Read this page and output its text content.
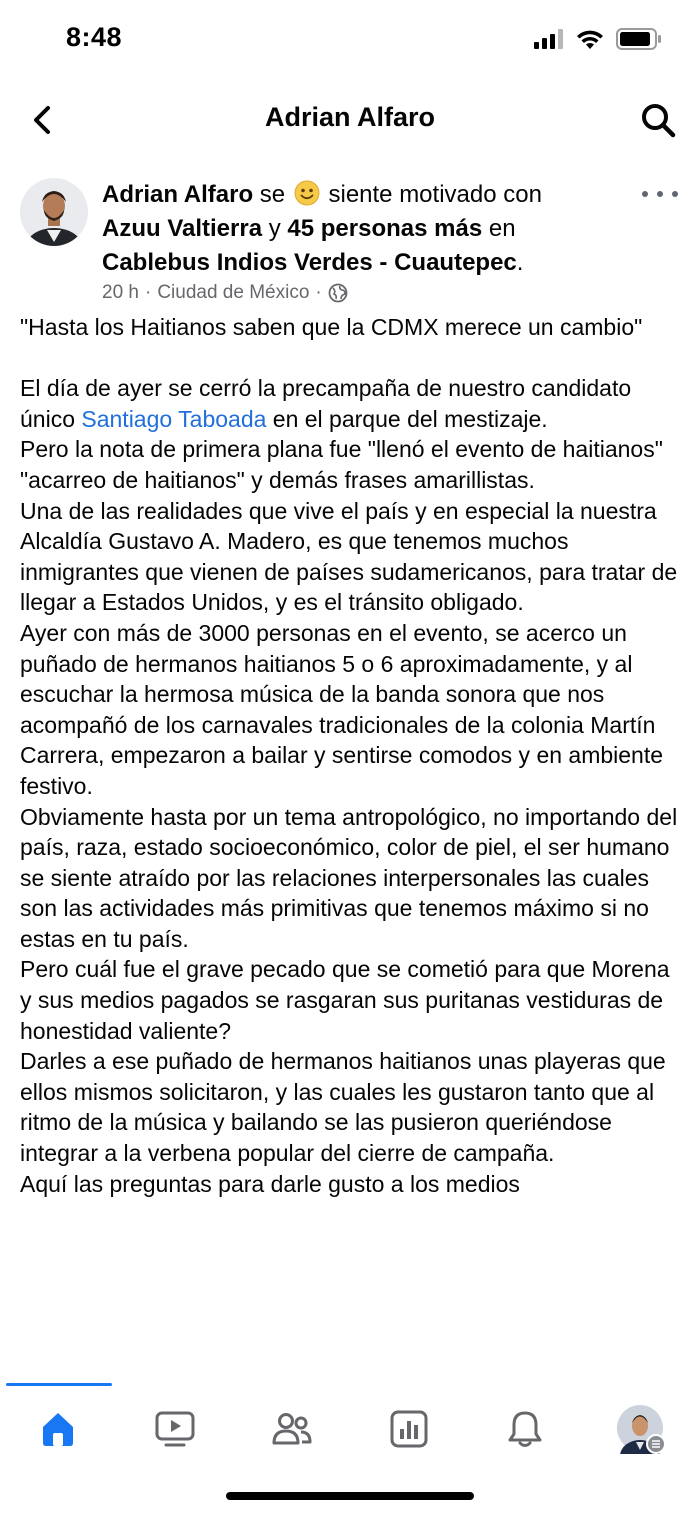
8:48
Adrian Alfaro
Adrian Alfaro se  siente motivado con
Azuu Valtierra y 45 personas más en
Cablebus Indios Verdes - Cuautepec.
20 h · Ciudad de México ·

"Hasta los Haitianos saben que la CDMX merece un cambio"

El día de ayer se cerró la precampaña de nuestro candidato único Santiago Taboada en el parque del mestizaje.

Pero la nota de primera plana fue "llenó el evento de haitianos" "acarreo de haitianos" y demás frases amarillistas.

Una de las realidades que vive el país y en especial la nuestra Alcaldía Gustavo A. Madero, es que tenemos muchos inmigrantes que vienen de países sudamericanos, para tratar de llegar a Estados Unidos, y es el tránsito obligado.

Ayer con más de 3000 personas en el evento, se acerco un puñado de hermanos haitianos 5 o 6 aproximadamente, y al escuchar la hermosa música de la banda sonora que nos acompañó de los carnavales tradicionales de la colonia Martín Carrera, empezaron a bailar y sentirse comodos y en ambiente festivo.

Obviamente hasta por un tema antropológico, no importando del país, raza, estado socioeconómico, color de piel, el ser humano se siente atraído por las relaciones interpersonales las cuales son las actividades más primitivas que tenemos máximo si no estas en tu país.

Pero cuál fue el grave pecado que se cometió para que Morena y sus medios pagados se rasgaran sus puritanas vestiduras de honestidad valiente?

Darles a ese puñado de hermanos haitianos unas playeras que ellos mismos solicitaron, y las cuales les gustaron tanto que al ritmo de la música y bailando se las pusieron queriéndose integrar a la verbena popular del cierre de campaña.

Aquí las preguntas para darle gusto a los medios
